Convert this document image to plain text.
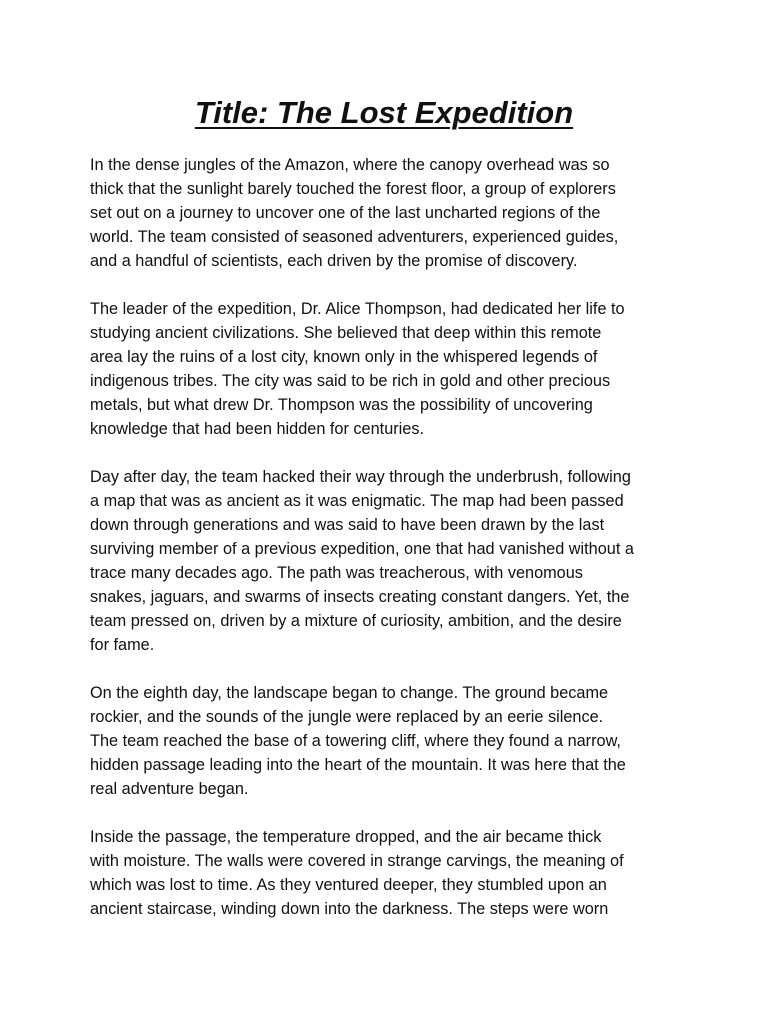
Title: The Lost Expedition

In the dense jungles of the Amazon, where the canopy overhead was so
thick that the sunlight barely touched the forest floor, a group of explorers
set out on a journey to uncover one of the last uncharted regions of the
world. The team consisted of seasoned adventurers, experienced guides,
and a handful of scientists, each driven by the promise of discovery.

The leader of the expedition, Dr. Alice Thompson, had dedicated her life to
studying ancient civilizations. She believed that deep within this remote
area lay the ruins of a lost city, known only in the whispered legends of
indigenous tribes. The city was said to be rich in gold and other precious
metals, but what drew Dr. Thompson was the possibility of uncovering
knowledge that had been hidden for centuries.

Day after day, the team hacked their way through the underbrush, following
a map that was as ancient as it was enigmatic. The map had been passed
down through generations and was said to have been drawn by the last
surviving member of a previous expedition, one that had vanished without a
trace many decades ago. The path was treacherous, with venomous
snakes, jaguars, and swarms of insects creating constant dangers. Yet, the
team pressed on, driven by a mixture of curiosity, ambition, and the desire
for fame.

On the eighth day, the landscape began to change. The ground became
rockier, and the sounds of the jungle were replaced by an eerie silence.
The team reached the base of a towering cliff, where they found a narrow,
hidden passage leading into the heart of the mountain. It was here that the
real adventure began.

Inside the passage, the temperature dropped, and the air became thick
with moisture. The walls were covered in strange carvings, the meaning of
which was lost to time. As they ventured deeper, they stumbled upon an
ancient staircase, winding down into the darkness. The steps were worn
